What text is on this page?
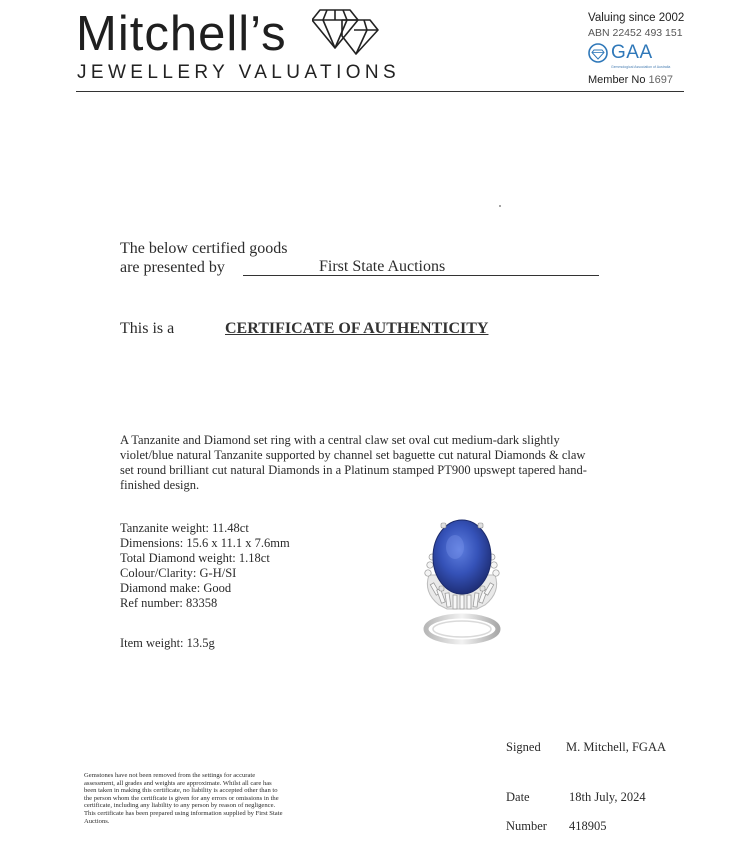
Mitchell’s
JEWELLERY VALUATIONS
Valuing since 2002
ABN 22452 493 151
GAA
Gemmological Association of Australia
Member No 1697
The below certified goods
are presented by	First State Auctions
This is a	CERTIFICATE OF AUTHENTICITY
A Tanzanite and Diamond set ring with a central claw set oval cut medium-dark slightly violet/blue natural Tanzanite supported by channel set baguette cut natural Diamonds & claw set round brilliant cut natural Diamonds in a Platinum stamped PT900 upswept tapered hand-finished design.
Tanzanite weight: 11.48ct
Dimensions: 15.6 x 11.1 x 7.6mm
Total Diamond weight: 1.18ct
Colour/Clarity: G-H/SI
Diamond make: Good
Ref number: 83358
Item weight: 13.5g
Signed M. Mitchell, FGAA
Date	18th July, 2024
Number 418905
Gemstones have not been removed from the settings for accurate assessment, all grades and weights are approximate. Whilst all care has been taken in making this certificate, no liability is accepted other than to the person whom the certificate is given for any errors or omissions in the certificate, including any liability to any person by reason of negligence. This certificate has been prepared using information supplied by First State Auctions.
